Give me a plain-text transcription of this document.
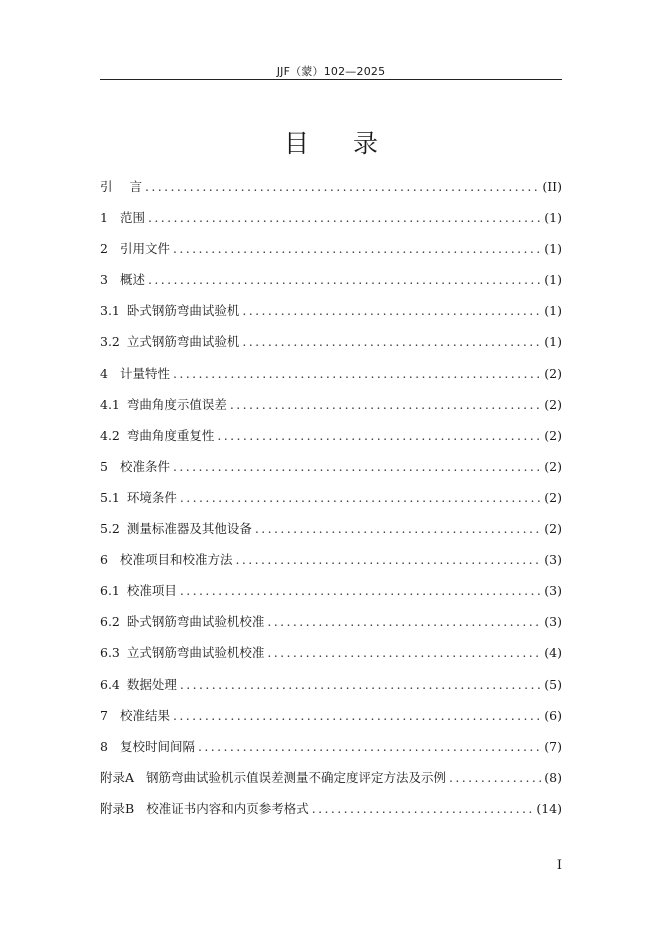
JJF（蒙）102—2025
目 录
引 言 .....	(II)
1 范围 .....	(1)
2 引用文件 .....	(1)
3 概述 .....	(1)
3.1 卧式钢筋弯曲试验机 .....	(1)
3.2 立式钢筋弯曲试验机 .....	(1)
4 计量特性 .....	(2)
4.1 弯曲角度示值误差 .....	(2)
4.2 弯曲角度重复性 .....	(2)
5 校准条件 .....	(2)
5.1 环境条件 .....	(2)
5.2 测量标准器及其他设备 .....	(2)
6 校准项目和校准方法 .....	(3)
6.1 校准项目 .....	(3)
6.2 卧式钢筋弯曲试验机校准 .....	(3)
6.3 立式钢筋弯曲试验机校准 .....	(4)
6.4 数据处理 .....	(5)
7 校准结果 .....	(6)
8 复校时间间隔 .....	(7)
附录A 钢筋弯曲试验机示值误差测量不确定度评定方法及示例 .....	(8)
附录B 校准证书内容和内页参考格式 .....	(14)
I
